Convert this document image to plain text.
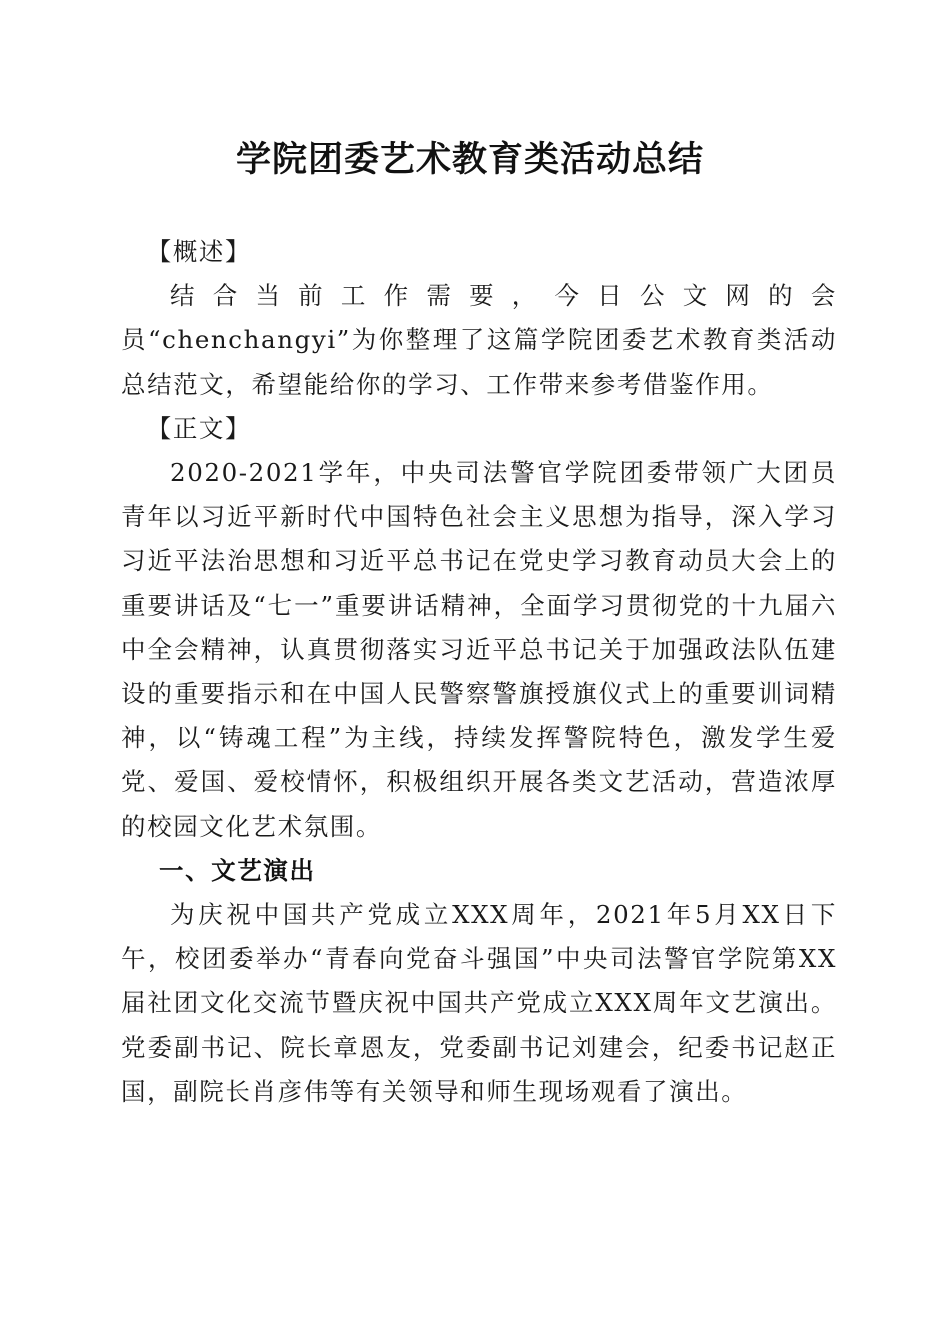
学院团委艺术教育类活动总结

【概述】

结合当前工作需要，今日公文网的会员“chenchangyi”为你整理了这篇学院团委艺术教育类活动总结范文，希望能给你的学习、工作带来参考借鉴作用。

【正文】

2020-2021学年，中央司法警官学院团委带领广大团员青年以习近平新时代中国特色社会主义思想为指导，深入学习习近平法治思想和习近平总书记在党史学习教育动员大会上的重要讲话及“七一”重要讲话精神，全面学习贯彻党的十九届六中全会精神，认真贯彻落实习近平总书记关于加强政法队伍建设的重要指示和在中国人民警察警旗授旗仪式上的重要训词精神，以“铸魂工程”为主线，持续发挥警院特色，激发学生爱党、爱国、爱校情怀，积极组织开展各类文艺活动，营造浓厚的校园文化艺术氛围。

一、文艺演出

为庆祝中国共产党成立XXX周年，2021年5月XX日下午，校团委举办“青春向党奋斗强国”中央司法警官学院第XX届社团文化交流节暨庆祝中国共产党成立XXX周年文艺演出。党委副书记、院长章恩友，党委副书记刘建会，纪委书记赵正国，副院长肖彦伟等有关领导和师生现场观看了演出。
